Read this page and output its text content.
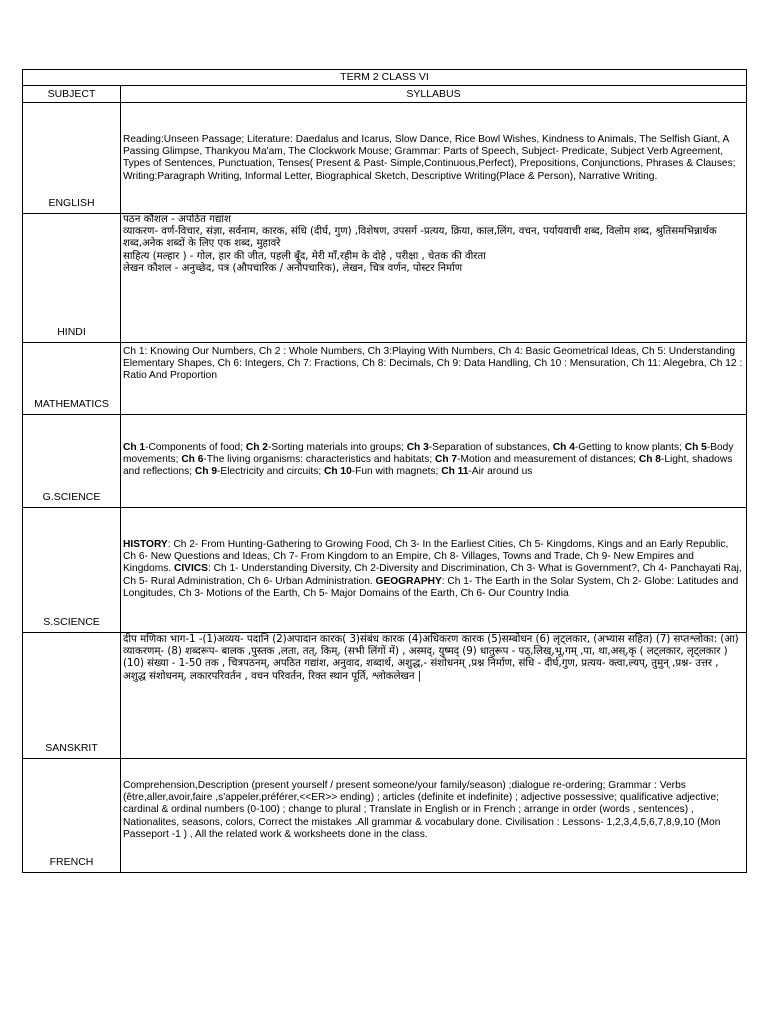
TERM 2 CLASS VI	
SUBJECT	SYLLABUS
ENGLISH	Reading:Unseen Passage; Literature: Daedalus and Icarus, Slow Dance, Rice Bowl Wishes, Kindness to Animals, The Selfish Giant, A Passing Glimpse, Thankyou Ma'am, The Clockwork Mouse; Grammar: Parts of Speech, Subject- Predicate, Subject Verb Agreement, Types of Sentences, Punctuation, Tenses( Present & Past- Simple,Continuous,Perfect), Prepositions, Conjunctions, Phrases & Clauses; Writing:Paragraph Writing, Informal Letter, Biographical Sketch, Descriptive Writing(Place & Person), Narrative Writing.
HINDI	पठन कौशल - अपठित गद्यांश

व्याकरण- वर्ण-विचार, संज्ञा, सर्वनाम, कारक, संधि (दीर्घ, गुण) ,विशेषण, उपसर्ग -प्रत्यय, क्रिया, काल,लिंग, वचन, पर्यायवाची शब्द, विलोम शब्द, श्रुतिसमभिन्नार्थक शब्द,अनेक शब्दों के लिए एक शब्द, मुहावरे

साहित्य (मल्हार ) - गोल, हार की जीत, पहली बूँद, मेरी माँ,रहीम के दोहे , परीक्षा , चेतक की वीरता

लेखन कौशल - अनुच्छेद, पत्र (औपचारिक / अनौपचारिक), लेखन, चित्र वर्णन, पोस्टर निर्माण

MATHEMATICS	Ch 1: Knowing Our Numbers, Ch 2 : Whole Numbers, Ch 3:Playing With Numbers, Ch 4: Basic Geometrical Ideas, Ch 5: Understanding Elementary Shapes, Ch 6: Integers, Ch 7: Fractions, Ch 8: Decimals, Ch 9: Data Handling, Ch 10 : Mensuration, Ch 11: Alegebra, Ch 12 : Ratio And Proportion
G.SCIENCE	Ch 1-Components of food; Ch 2-Sorting materials into groups; Ch 3-Separation of substances, Ch 4-Getting to know plants; Ch 5-Body movements; Ch 6-The living organisms: characteristics and habitats; Ch 7-Motion and measurement of distances; Ch 8-Light, shadows and reflections; Ch 9-Electricity and circuits; Ch 10-Fun with magnets; Ch 11-Air around us
S.SCIENCE	HISTORY: Ch 2- From Hunting-Gathering to Growing Food, Ch 3- In the Earliest Cities, Ch 5- Kingdoms, Kings and an Early Republic, Ch 6- New Questions and Ideas, Ch 7- From Kingdom to an Empire, Ch 8- Villages, Towns and Trade, Ch 9- New Empires and Kingdoms. CIVICS: Ch 1- Understanding Diversity, Ch 2-Diversity and Discrimination, Ch 3- What is Government?, Ch 4- Panchayati Raj, Ch 5- Rural Administration, Ch 6- Urban Administration. GEOGRAPHY: Ch 1- The Earth in the Solar System, Ch 2- Globe: Latitudes and Longitudes, Ch 3- Motions of the Earth, Ch 5- Major Domains of the Earth, Ch 6- Our Country India
SANSKRIT	दीप मणिका भाग-1 -(1)अव्यय- पदानि (2)अपादान कारक( 3)संबंध कारक (4)अधिकरण कारक (5)सम्बोधन (6) लृट्लकार, (अभ्यास सहित) (7) सप्तश्लोका: (आ) व्याकरणम्- (8) शब्दरूप- बालक ,पुस्तक ,लता, तत्, किम्, (सभी लिंगों में) , अस्मद्, युष्मद् (9) धातुरूप - पठ्,लिख्,भू,गम् ,पा, था,अस्,कृ ( लट्लकार, लृट्लकार )(10) संख्या - 1-50 तक , चित्रपठनम्, अपठित गद्यांश, अनुवाद, शब्दार्थ, अशुद्ध,- संशोधनम् ,प्रश्न निर्माण, संधि - दीर्घ,गुण, प्रत्यय- क्त्वा,ल्यप्, तुमुन् ,प्रश्न- उत्तर , अशुद्ध संशोधनम्, लकारपरिवर्तन , वचन परिवर्तन, रिक्त स्थान पूर्ति, श्लोकलेखन |
FRENCH	Comprehension,Description (present yourself / present someone/your family/season) ;dialogue re-ordering; Grammar : Verbs (être,aller,avoir,faire ,s'appeler,préférer,<<ER>> ending) ; articles (definite et indefinite) ; adjective possessive; qualificative adjective; cardinal & ordinal numbers (0-100) ; change to plural ; Translate in English or in French ; arrange in order (words , sentences) , Nationalites, seasons, colors, Correct the mistakes .All grammar & vocabulary done. Civilisation : Lessons- 1,2,3,4,5,6,7,8,9,10 (Mon Passeport -1 ) , All the related work & worksheets done in the class.
